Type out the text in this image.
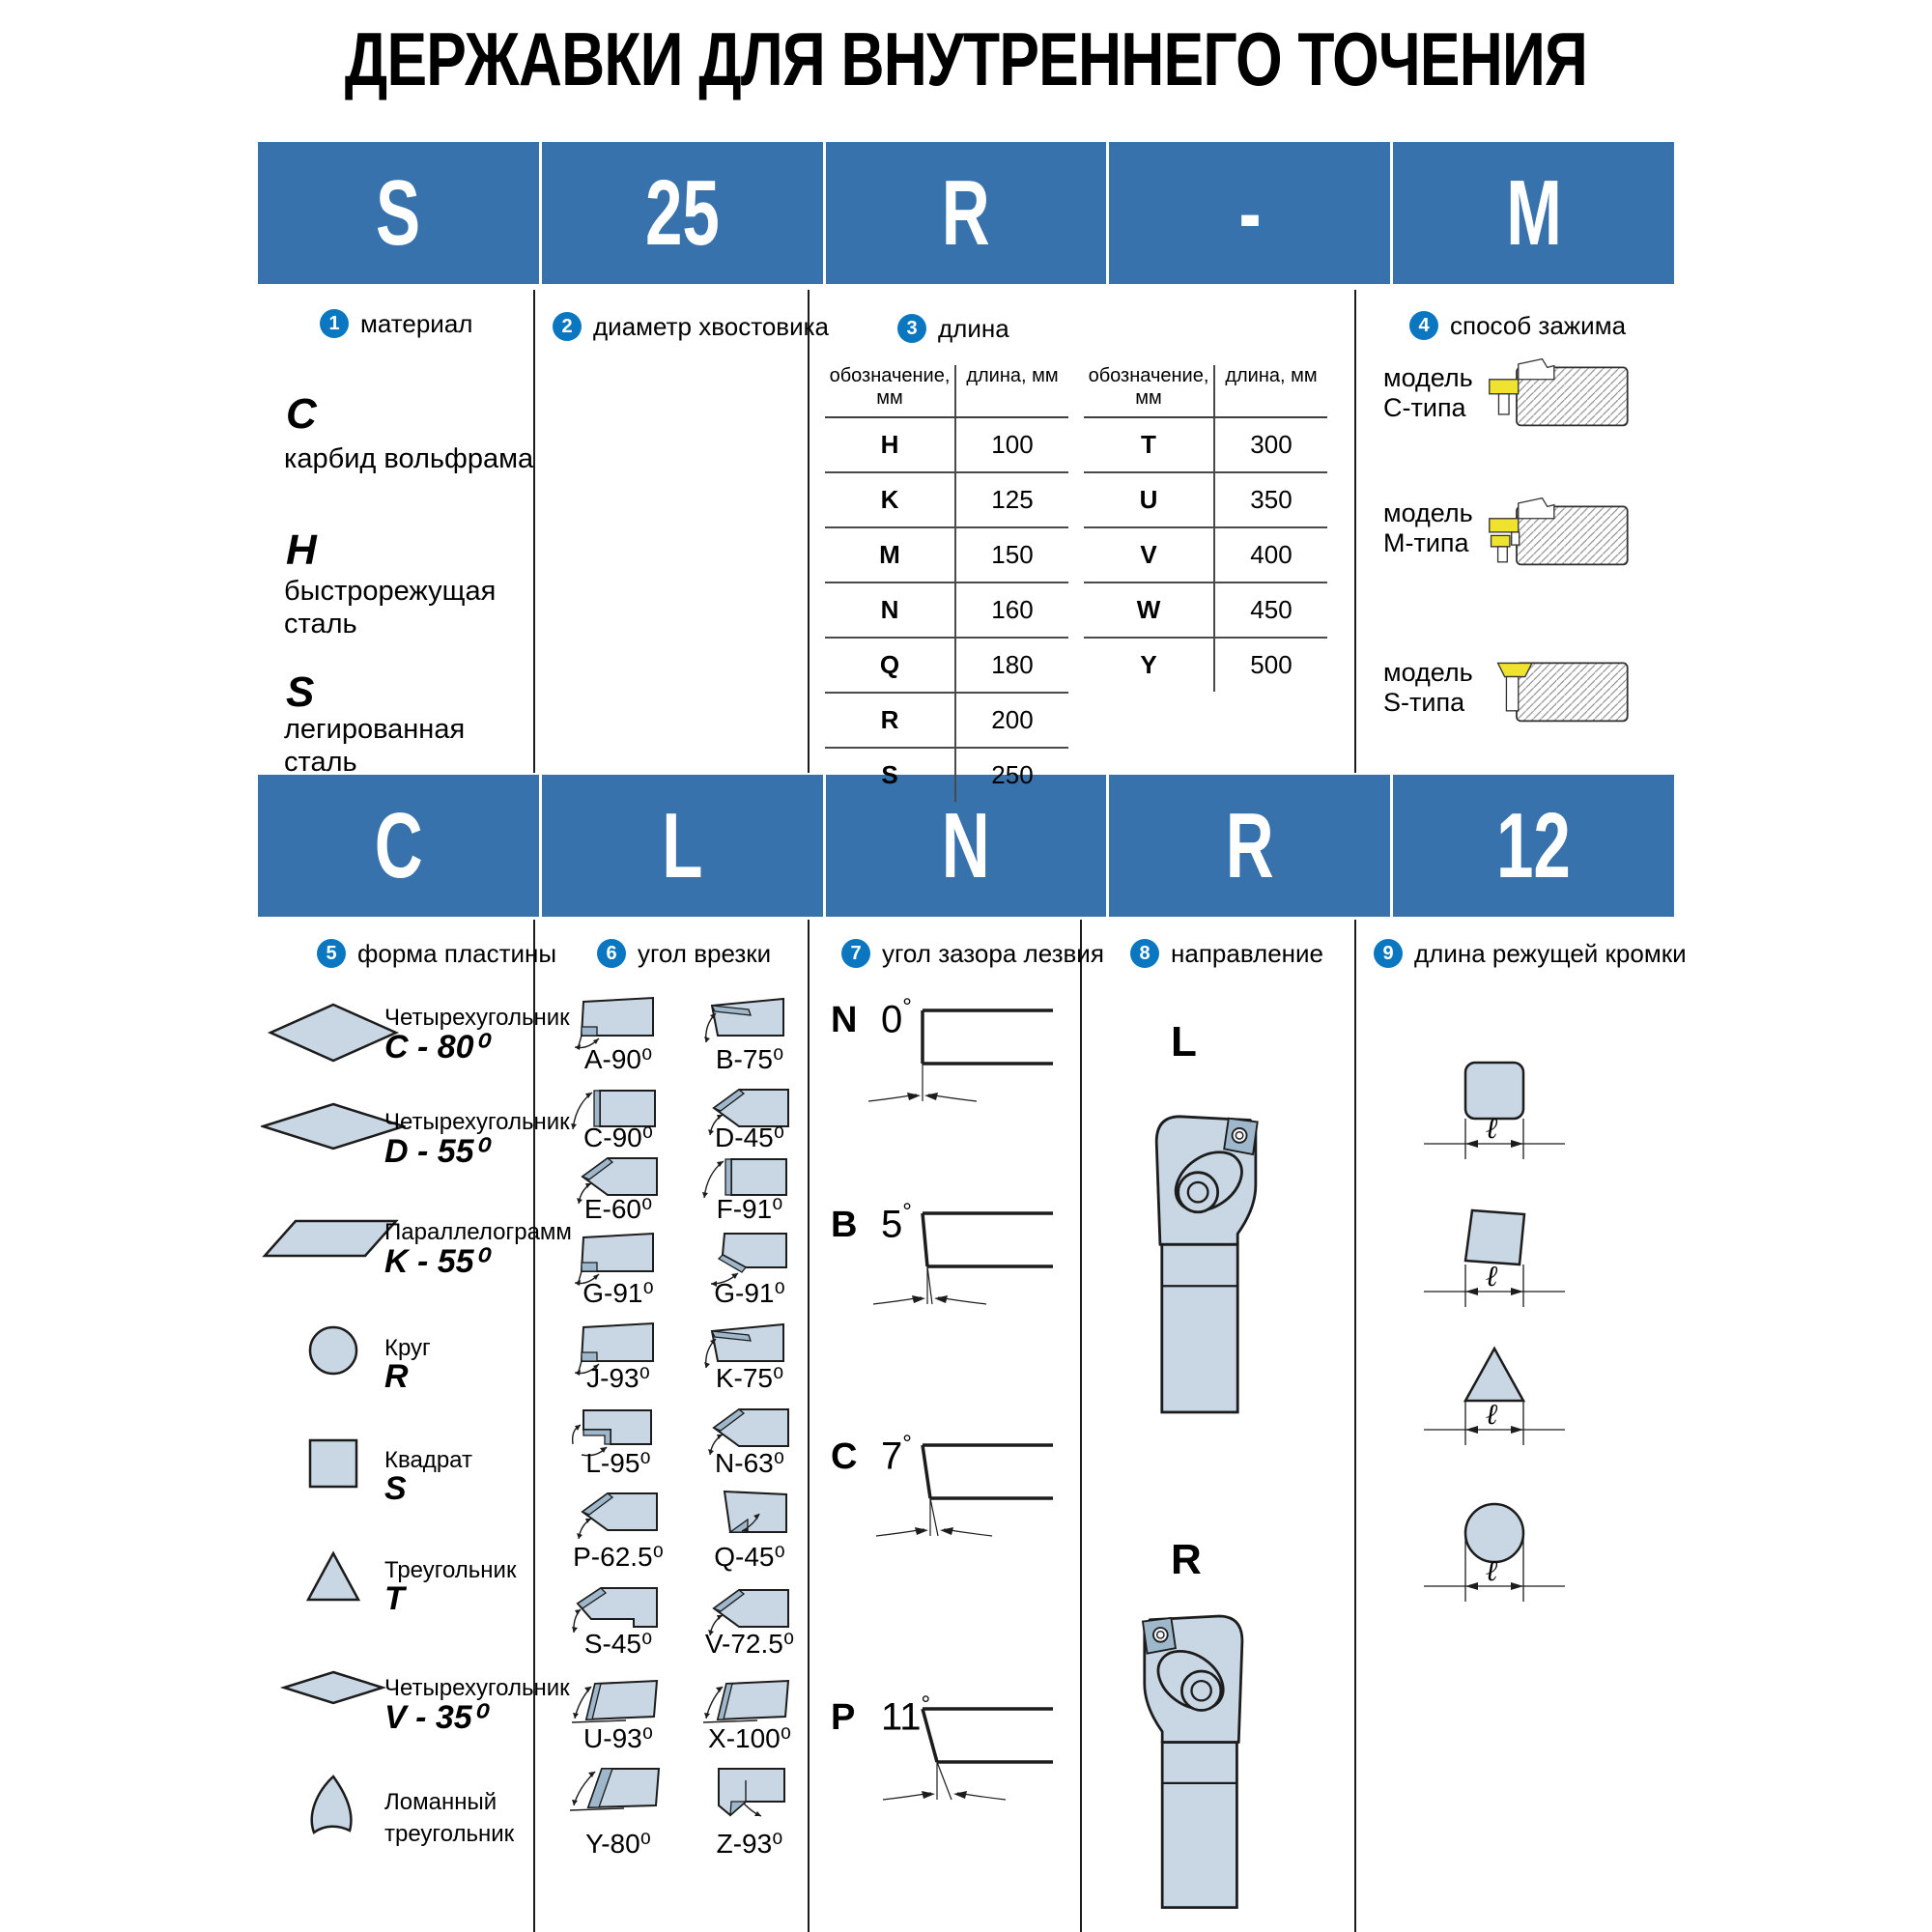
ДЕРЖАВКИ ДЛЯ ВНУТРЕННЕГО ТОЧЕНИЯ
S 25 R	-	M
C	L	N	R 12
1 материал	2 диаметр хвостовика	3 длина	4 способ зажима
5 форма пластины	6 угол врезки	7 угол зазора лезвия	8 направление	9 длина режущей кромки
C
карбид вольфрама
H
быстрорежущая
сталь
S
легированная
сталь
обозначение, мм
длина, мм
H	100
K	125
M	150
N	160
Q	180
R	200
S	250
обозначение, мм
длина, мм
T	300
U	350
V	400
W	450
Y	500
модель
C-типа
модель
M-типа
модель
S-типа
Четырехугольник
C - 80⁰
Четырехугольник
D - 55⁰
Параллелограмм
K - 55⁰
Круг
R
Квадрат
S
Треугольник
T
Четырехугольник
V - 35⁰
Ломанный
треугольник
A-90⁰	B-75⁰
C-90⁰	D-45⁰
E-60⁰	F-91⁰
G-91⁰	G-91⁰
J-93⁰	K-75⁰
L-95⁰	N-63⁰
P-62.5⁰	Q-45⁰
S-45⁰	V-72.5⁰
U-93⁰	X-100⁰
Y-80⁰	Z-93⁰
N 0°
B 5°
C 7°
P 11°
L
R
ℓ
ℓ
ℓ
ℓ
